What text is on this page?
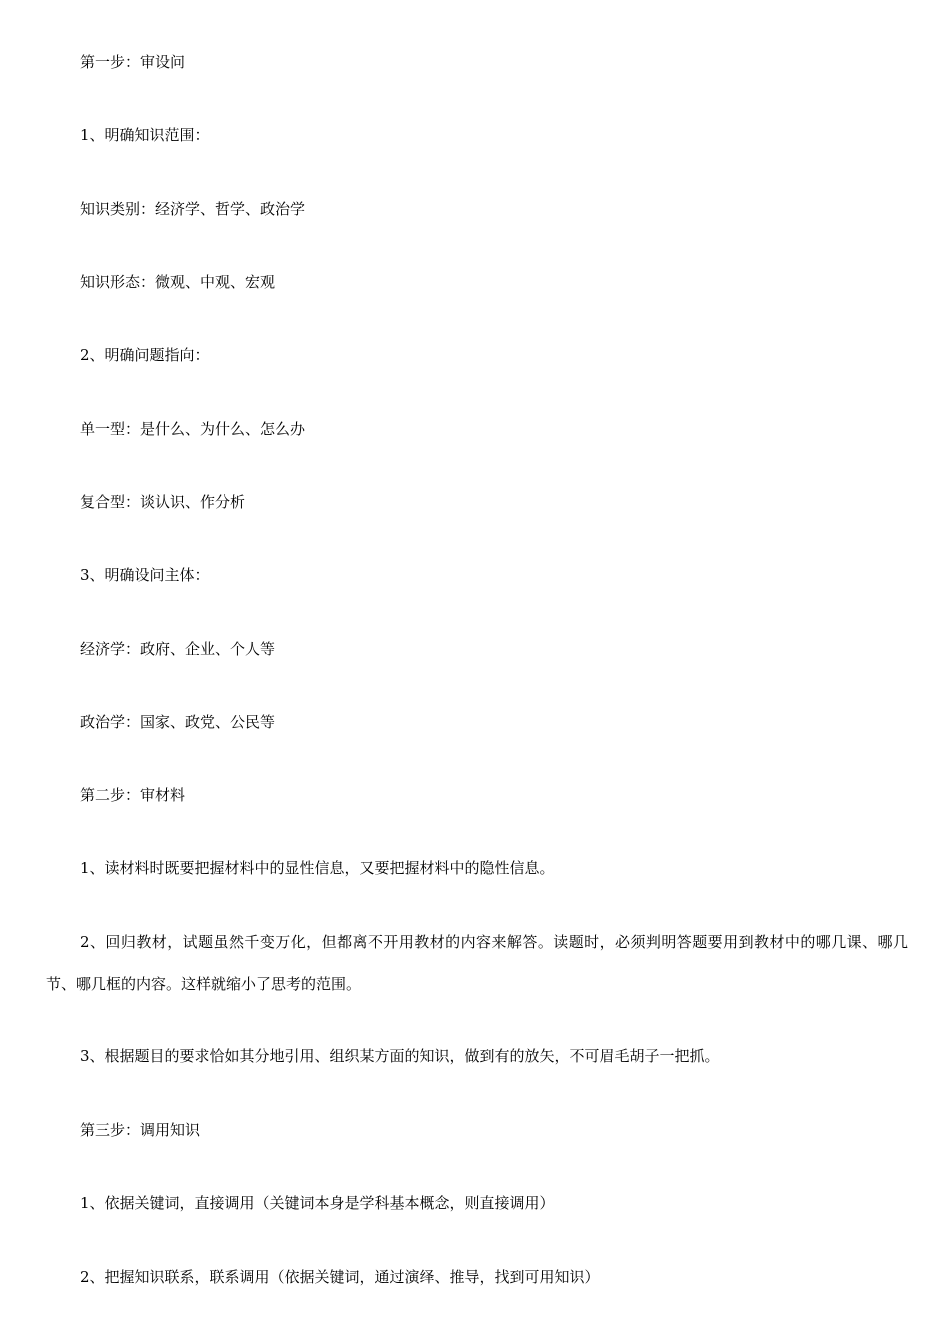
第一步：审设问

1、明确知识范围：

知识类别：经济学、哲学、政治学

知识形态：微观、中观、宏观

2、明确问题指向：

单一型：是什么、为什么、怎么办

复合型：谈认识、作分析

3、明确设问主体：

经济学：政府、企业、个人等

政治学：国家、政党、公民等

第二步：审材料

1、读材料时既要把握材料中的显性信息，又要把握材料中的隐性信息。

2、回归教材，试题虽然千变万化，但都离不开用教材的内容来解答。读题时，必须判明答题要用到教材中的哪几课、哪几节、哪几框的内容。这样就缩小了思考的范围。

3、根据题目的要求恰如其分地引用、组织某方面的知识，做到有的放矢，不可眉毛胡子一把抓。

第三步：调用知识

1、依据关键词，直接调用（关键词本身是学科基本概念，则直接调用）

2、把握知识联系，联系调用（依据关键词，通过演绎、推导，找到可用知识）
